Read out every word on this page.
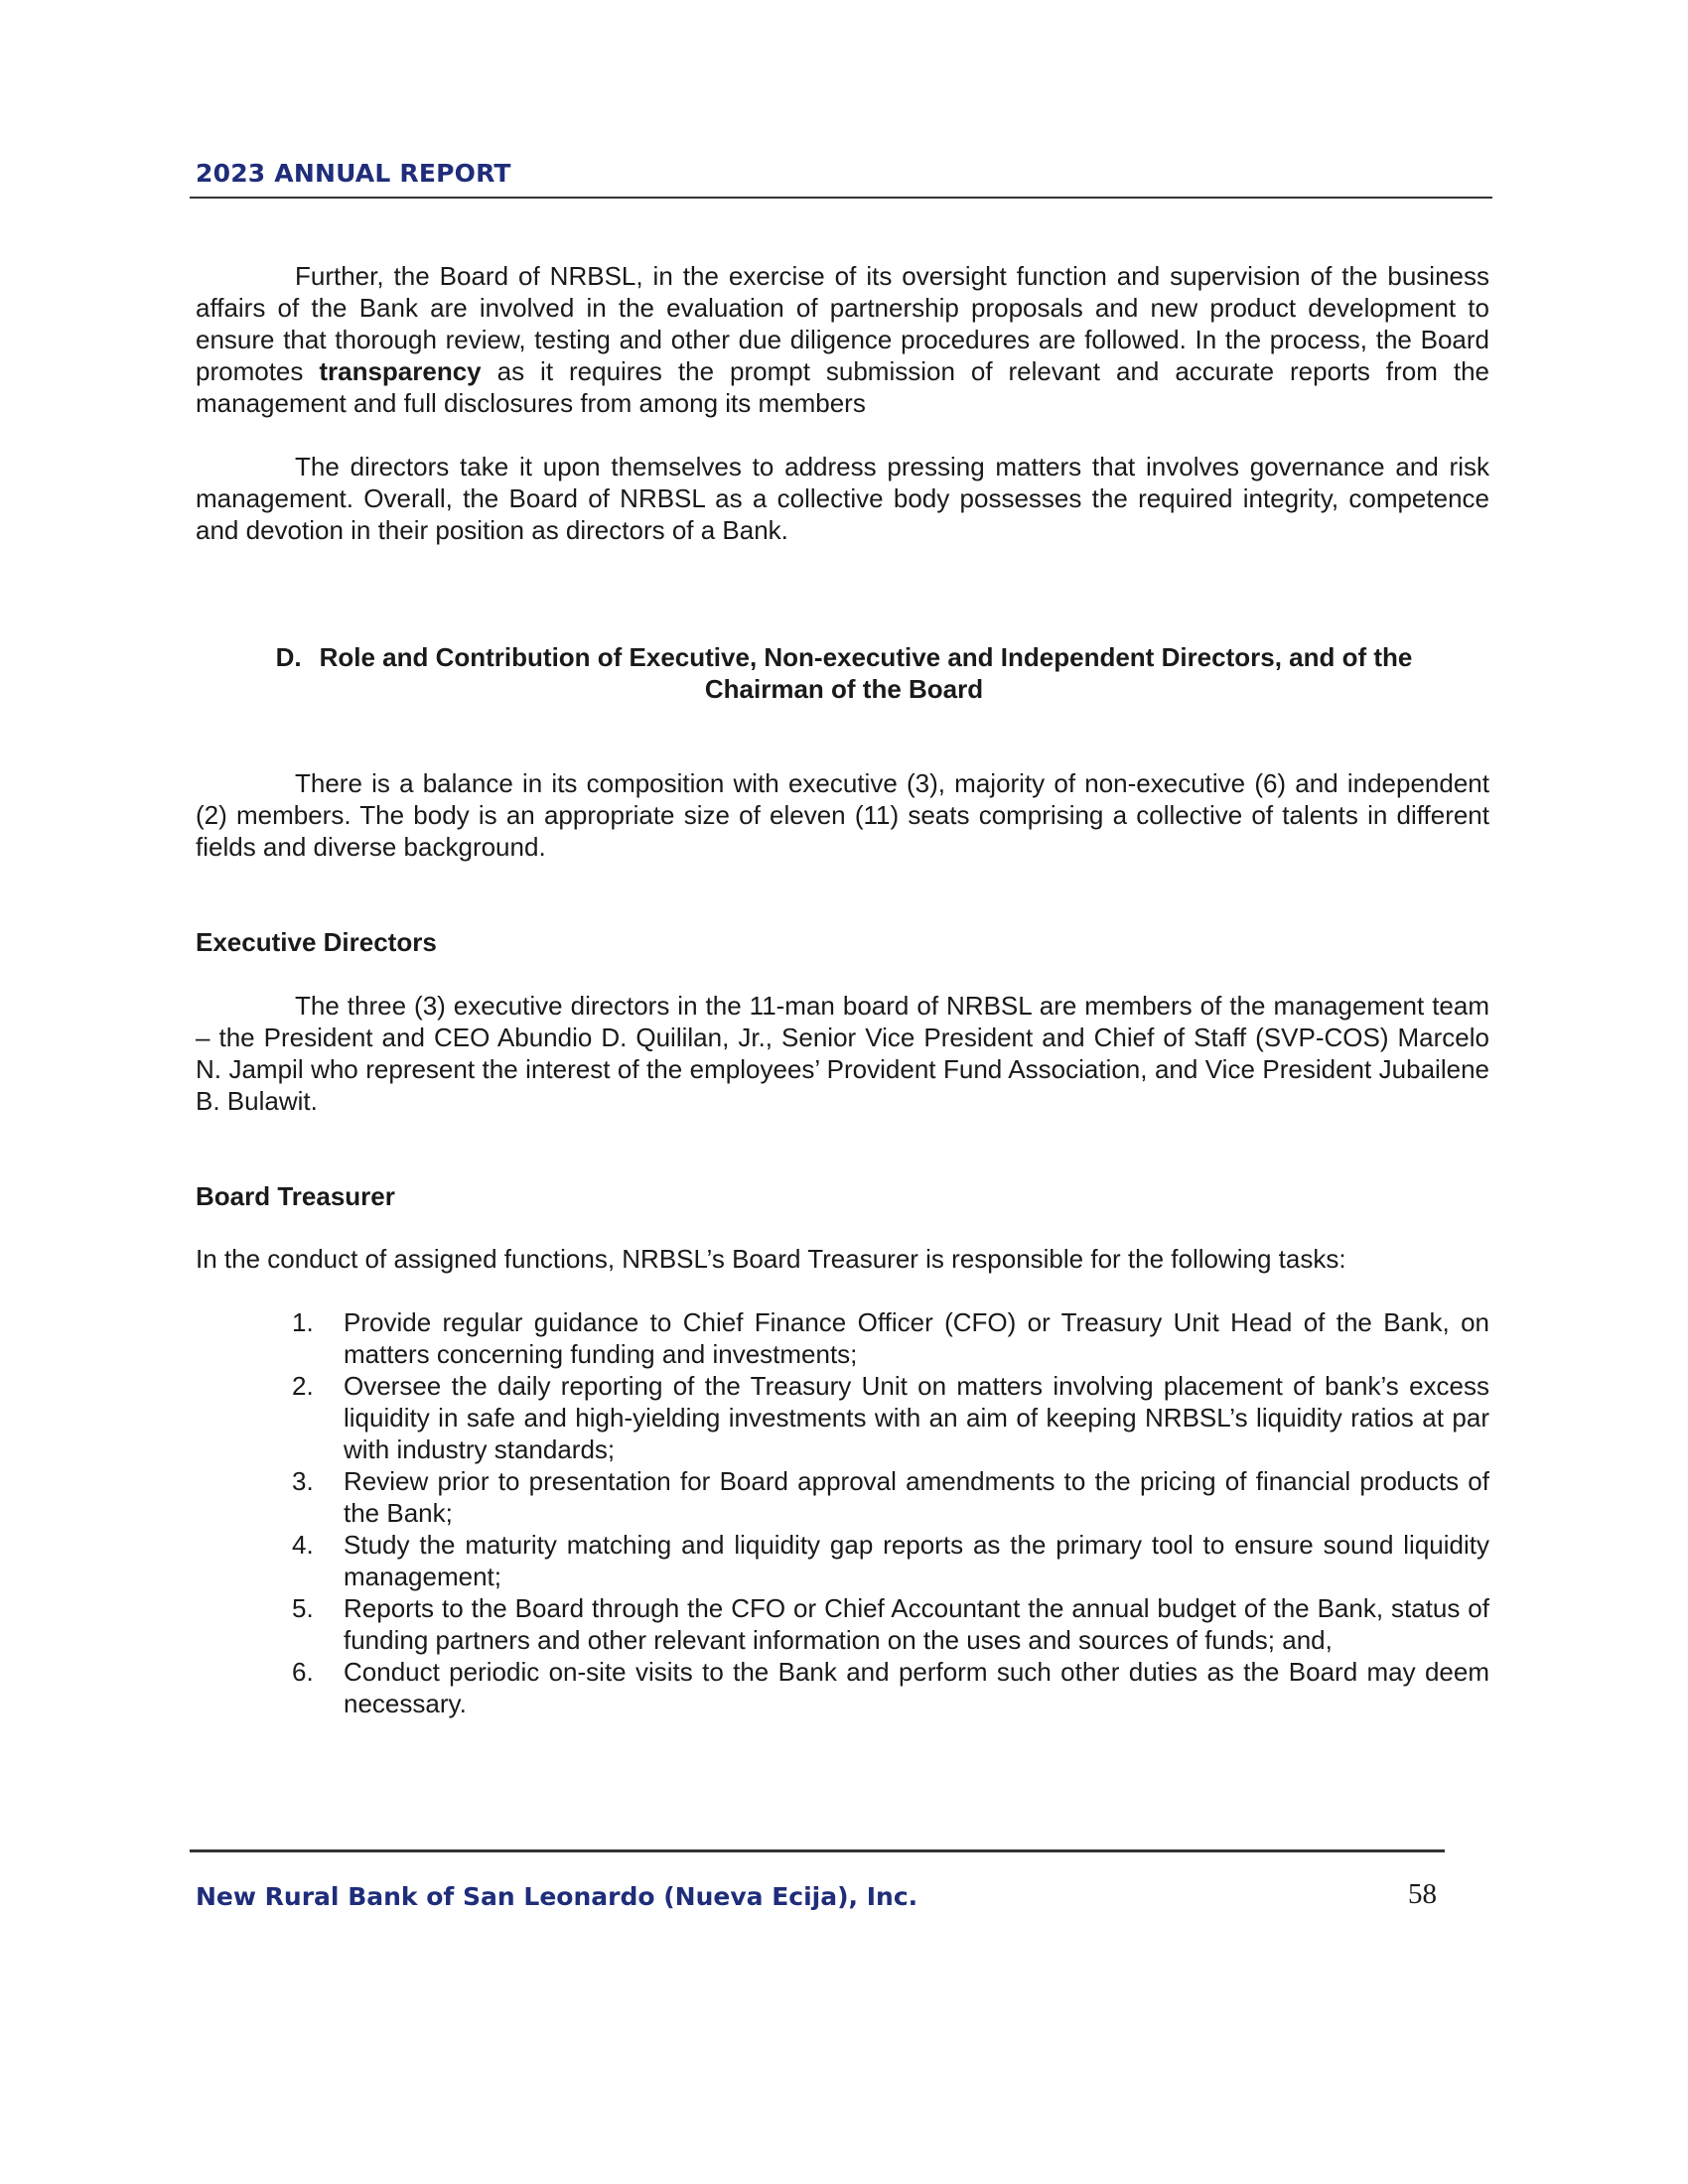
2023 ANNUAL REPORT

Further, the Board of NRBSL, in the exercise of its oversight function and supervision of the business affairs of the Bank are involved in the evaluation of partnership proposals and new product development to ensure that thorough review, testing and other due diligence procedures are followed. In the process, the Board promotes transparency as it requires the prompt submission of relevant and accurate reports from the management and full disclosures from among its members

The directors take it upon themselves to address pressing matters that involves governance and risk management. Overall, the Board of NRBSL as a collective body possesses the required integrity, competence and devotion in their position as directors of a Bank.

D. Role and Contribution of Executive, Non-executive and Independent Directors, and of the
Chairman of the Board

There is a balance in its composition with executive (3), majority of non-executive (6) and independent (2) members. The body is an appropriate size of eleven (11) seats comprising a collective of talents in different fields and diverse background.

Executive Directors

The three (3) executive directors in the 11-man board of NRBSL are members of the management team – the President and CEO Abundio D. Quililan, Jr., Senior Vice President and Chief of Staff (SVP-COS) Marcelo N. Jampil who represent the interest of the employees’ Provident Fund Association, and Vice President Jubailene B. Bulawit.

Board Treasurer

In the conduct of assigned functions, NRBSL’s Board Treasurer is responsible for the following tasks:

1. Provide regular guidance to Chief Finance Officer (CFO) or Treasury Unit Head of the Bank, on matters concerning funding and investments;
2. Oversee the daily reporting of the Treasury Unit on matters involving placement of bank’s excess liquidity in safe and high-yielding investments with an aim of keeping NRBSL’s liquidity ratios at par with industry standards;
3. Review prior to presentation for Board approval amendments to the pricing of financial products of the Bank;
4. Study the maturity matching and liquidity gap reports as the primary tool to ensure sound liquidity management;
5. Reports to the Board through the CFO or Chief Accountant the annual budget of the Bank, status of funding partners and other relevant information on the uses and sources of funds; and,
6. Conduct periodic on-site visits to the Bank and perform such other duties as the Board may deem necessary.
New Rural Bank of San Leonardo (Nueva Ecija), Inc.	58
